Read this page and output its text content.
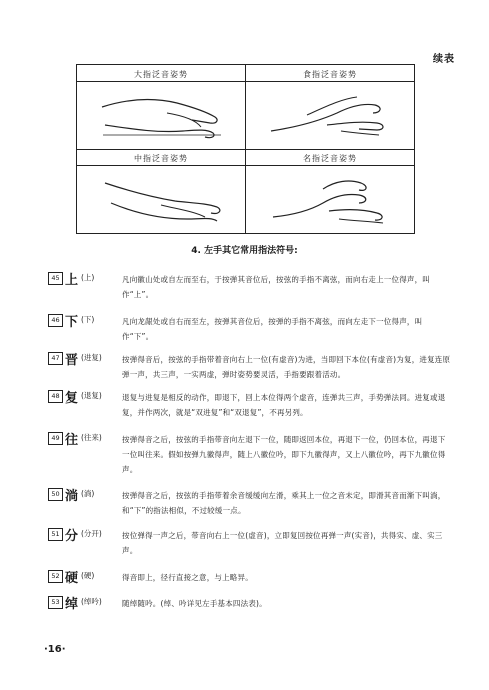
续表
大指泛音姿势	食指泛音姿势
中指泛音姿势	名指泛音姿势
4. 左手其它常用指法符号:
45 上 (上)	凡向徽山处或自左而至右，于按弹其音位后，按弦的手指不离弦，而向右走上一位得声，叫作“上”。
46 下 (下)	凡向龙龈处或自右而至左，按弹其音位后，按弹的手指不离弦，而向左走下一位得声，叫作“下”。
47 晋 (进复)	按弹得音后，按弦的手指带着音向右上一位(有虚音)为进，当即回下本位(有虚音)为复，进复连原弹一声，共三声，一实两虚，弹时姿势要灵活，手指要跟着活动。
48 复 (退复)	退复与进复是相反的动作，即退下，回上本位得两个虚音，连弹共三声，手势弹法同。进复或退复，并作两次，就是“双进复”和“双退复”，不再另列。
49 往 (往来)	按弹得音之后，按弦的手指带音向左退下一位，随即返回本位，再退下一位，仍回本位，再退下一位叫往来。假如按弹九徽得声，随上八徽位吟，即下九徽得声，又上八徽位吟，再下九徽位得声。
50 淌 (淌)	按弹得音之后，按弦的手指带着余音缓缓向左滑，乘其上一位之音未定，即滑其音而渐下叫淌，和“下”的指法相似，不过较缓一点。
51 分 (分开)	按位弹得一声之后，带音向右上一位(虚音)，立即复回按位再弹一声(实音)，共得实、虚、实三声。
52 硬 (硬)	得音即上，径行直接之意，与上略异。
53 绰 (绰吟)	随绰随吟。(绰、吟详见左手基本四法表)。
·16·
